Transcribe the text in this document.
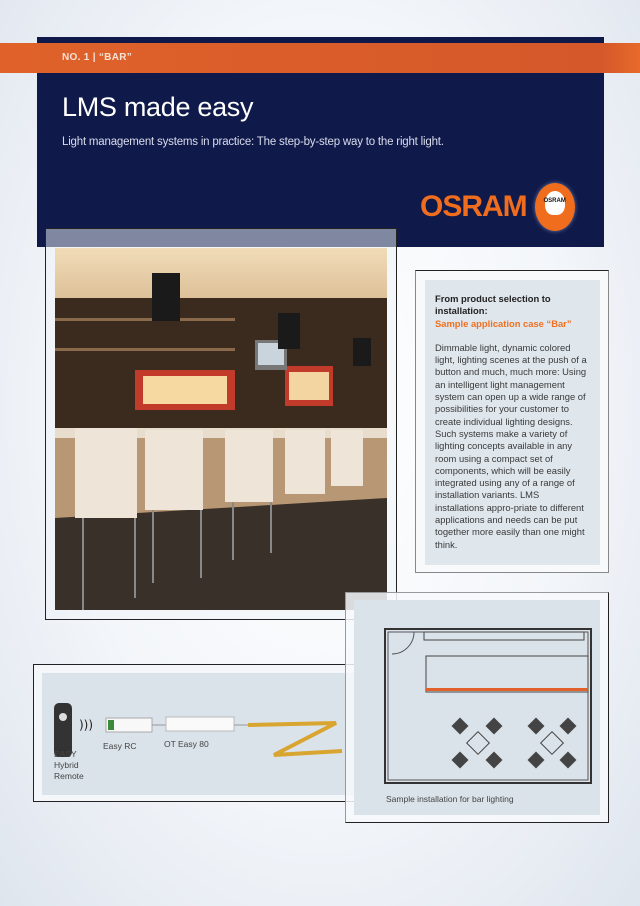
NO. 1 | “BAR”
LMS made easy
Light management systems in practice: The step-by-step way to the right light.
OSRAM	OSRAM
From product selection to installation:
Sample application case “Bar”

Dimmable light, dynamic colored light, lighting scenes at the push of a button and much, much more: Using an intelligent light management system can open up a wide range of possibilities for your customer to create individual lighting designs. Such systems make a variety of lighting concepts available in any room using a compact set of components, which will be easily integrated using any of a range of installation variants. LMS installations appro-priate to different applications and needs can be put together more easily than one might think.

)))
EASY Hybrid Remote
Easy RC	OT Easy 80
Sample installation for bar lighting
